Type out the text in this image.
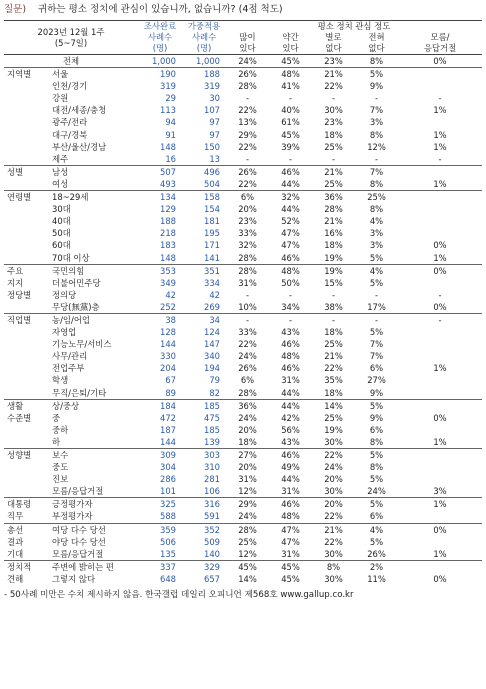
질문) 귀하는 평소 정치에 관심이 있습니까, 없습니까? (4점 척도)
2023년 12월 1주
(5~7일)		조사완료	가중적용	평소 정치 관심 정도				
		사례수	사례수	많이	약간	별로	전혀	모름/
		(명)	(명)	있다	있다	없다	없다	응답거절
전체		1,000	1,000	24%	45%	23%	8%	0%
지역별	서울	190	188	26%	48%	21%	5%	
	인천/경기	319	319	28%	41%	22%	9%	
	강원	29	30	-	-	-	-	-
	대전/세종/충청	113	107	22%	40%	30%	7%	1%
	광주/전라	94	97	13%	61%	23%	3%	
	대구/경북	91	97	29%	45%	18%	8%	1%
	부산/울산/경남	148	150	22%	39%	25%	12%	1%
	제주	16	13	-	-	-	-	-
성별	남성	507	496	26%	46%	21%	7%	
	여성	493	504	22%	44%	25%	8%	1%
연령별	18~29세	134	158	6%	32%	36%	25%	
	30대	129	154	20%	44%	28%	8%	
	40대	188	181	23%	52%	21%	4%	
	50대	218	195	33%	47%	16%	3%	
	60대	183	171	32%	47%	18%	3%	0%
	70대 이상	148	141	28%	46%	19%	5%	1%
주요	국민의힘	353	351	28%	48%	19%	4%	0%
지지	더불어민주당	349	334	31%	50%	15%	5%	
정당별	정의당	42	42	-	-	-	-	-
	무당(無黨)층	252	269	10%	34%	38%	17%	0%
직업별	농/임/어업	38	34	-	-	-	-	-
	자영업	128	124	33%	43%	18%	5%	
	기능노무/서비스	144	147	22%	46%	25%	7%	
	사무/관리	330	340	24%	48%	21%	7%	
	전업주부	204	194	26%	46%	22%	6%	1%
	학생	67	79	6%	31%	35%	27%	
	무직/은퇴/기타	89	82	28%	44%	18%	9%	
생활	상/중상	184	185	36%	44%	14%	5%	
수준별	중	472	475	24%	42%	25%	9%	0%
	중하	187	185	20%	56%	19%	6%	
	하	144	139	18%	43%	30%	8%	1%
성향별	보수	309	303	27%	46%	22%	5%	
	중도	304	310	20%	49%	24%	8%	
	진보	286	281	31%	44%	20%	5%	
	모름/응답거절	101	106	12%	31%	30%	24%	3%
대통령	긍정평가자	325	316	29%	46%	20%	5%	1%
직무	부정평가자	588	591	24%	48%	22%	6%	
총선	여당 다수 당선	359	352	28%	47%	21%	4%	0%
결과	야당 다수 당선	506	509	25%	47%	22%	5%	
기대	모름/응답거절	135	140	12%	31%	30%	26%	1%
정치적	주변에 밝히는 편	337	329	45%	45%	8%	2%	
견해	그렇지 않다	648	657	14%	45%	30%	11%	0%
- 50사례 미만은 수치 제시하지 않음. 한국갤럽 데일리 오피니언 제568호 www.gallup.co.kr
